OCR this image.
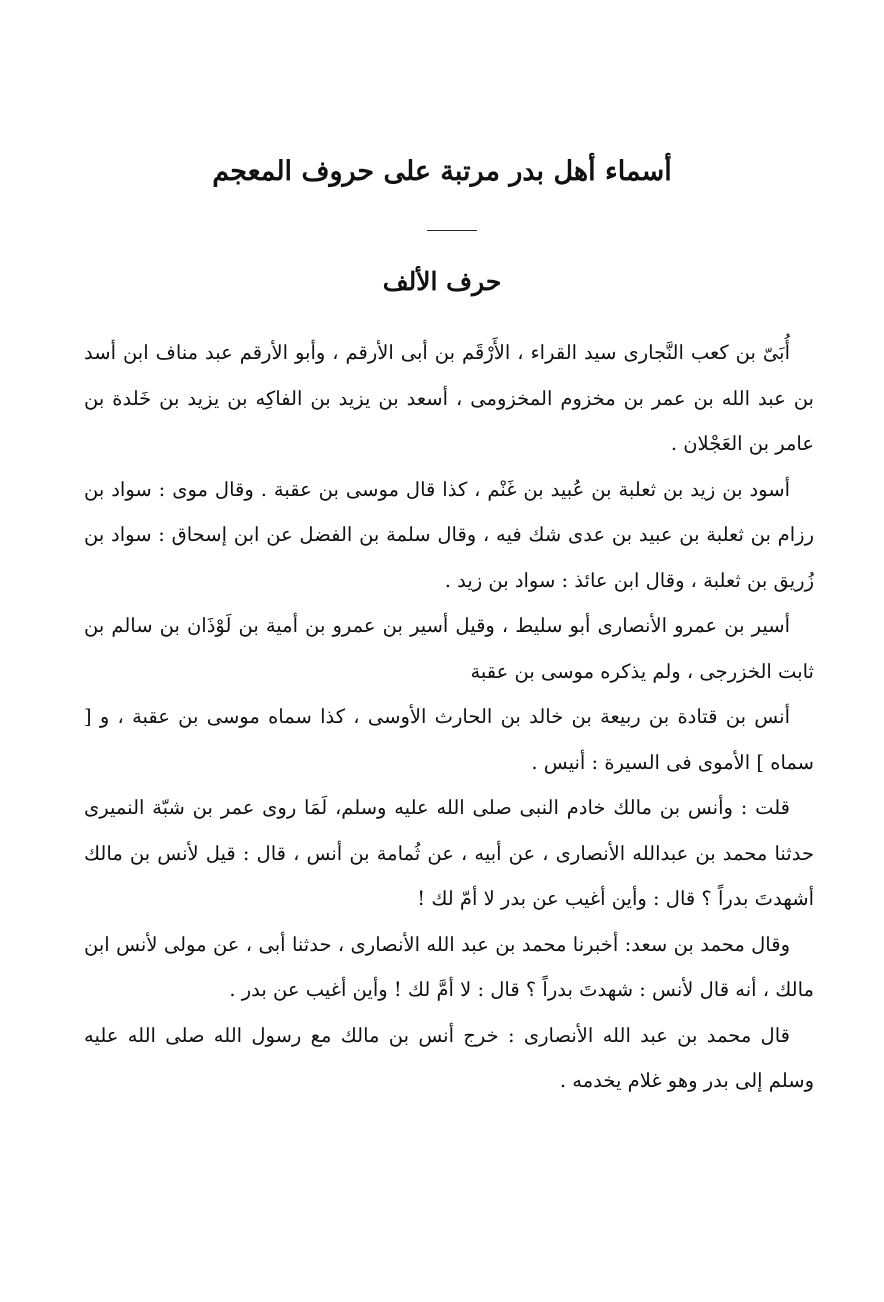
أسماء أهل بدر مرتبة على حروف المعجم
حرف الألف

أُبَىّ بن كعب النَّجارى سيد القراء ، الأَرْقَم بن أبى الأرقم ، وأبو الأرقم عبد مناف ابن أسد بن عبد الله بن عمر بن مخزوم المخزومى ، أسعد بن يزيد بن الفاكِه بن يزيد بن خَلدة بن عامر بن العَجْلان .

أسود بن زيد بن ثعلبة بن عُبيد بن غَنْم ، كذا قال موسى بن عقبة . وقال موى : سواد بن رزام بن ثعلبة بن عبيد بن عدى شك فيه ، وقال سلمة بن الفضل عن ابن إسحاق : سواد بن زُريق بن ثعلبة ، وقال ابن عائذ : سواد بن زيد .

أسير بن عمرو الأنصارى أبو سليط ، وقيل أسير بن عمرو بن أمية بن لَوْذَان بن سالم بن ثابت الخزرجى ، ولم يذكره موسى بن عقبة

أنس بن قتادة بن ربيعة بن خالد بن الحارث الأوسى ، كذا سماه موسى بن عقبة ، و [ سماه ] الأموى فى السيرة : أنيس .

قلت : وأنس بن مالك خادم النبى صلى الله عليه وسلم، لَمَا روى عمر بن شبّة النميرى حدثنا محمد بن عبدالله الأنصارى ، عن أبيه ، عن ثُمامة بن أنس ، قال : قيل لأنس بن مالك أشهدتَ بدراً ؟ قال : وأين أغيب عن بدر لا أمّ لك !

وقال محمد بن سعد: أخبرنا محمد بن عبد الله الأنصارى ، حدثنا أبى ، عن مولى لأنس ابن مالك ، أنه قال لأنس : شهدتَ بدراً ؟ قال : لا أمَّ لك ! وأين أغيب عن بدر .

قال محمد بن عبد الله الأنصارى : خرج أنس بن مالك مع رسول الله صلى الله عليه وسلم إلى بدر وهو غلام يخدمه .
